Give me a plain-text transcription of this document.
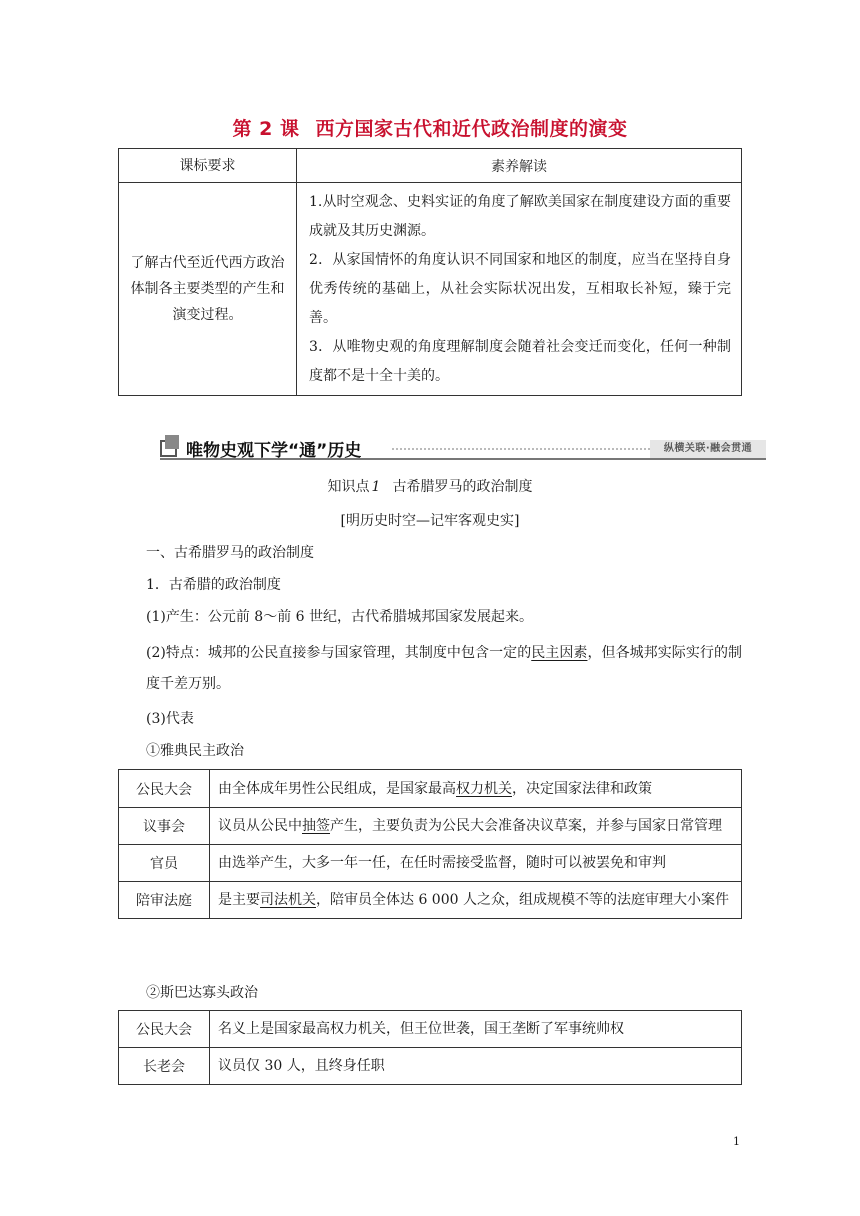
第 2 课 西方国家古代和近代政治制度的演变
课标要求	素养解读
了解古代至近代西方政治体制各主要类型的产生和演变过程。	1.从时空观念、史料实证的角度了解欧美国家在制度建设方面的重要成就及其历史渊源。
2．从家国情怀的角度认识不同国家和地区的制度，应当在坚持自身优秀传统的基础上，从社会实际状况出发，互相取长补短，臻于完善。
3．从唯物史观的角度理解制度会随着社会变迁而变化，任何一种制度都不是十全十美的。
唯物史观下学“通”历史	纵横关联·融会贯通
知识点 1 古希腊罗马的政治制度
[明历史时空—记牢客观史实]
一、古希腊罗马的政治制度
1．古希腊的政治制度
(1)产生：公元前 8～前 6 世纪，古代希腊城邦国家发展起来。
(2)特点：城邦的公民直接参与国家管理，其制度中包含一定的民主因素，但各城邦实际实行的制度千差万别。
(3)代表
①雅典民主政治
公民大会	由全体成年男性公民组成，是国家最高权力机关，决定国家法律和政策
议事会	议员从公民中抽签产生，主要负责为公民大会准备决议草案，并参与国家日常管理
官员	由选举产生，大多一年一任，在任时需接受监督，随时可以被罢免和审判
陪审法庭	是主要司法机关，陪审员全体达 6 000 人之众，组成规模不等的法庭审理大小案件
②斯巴达寡头政治
公民大会	名义上是国家最高权力机关，但王位世袭，国王垄断了军事统帅权
长老会	议员仅 30 人，且终身任职
1
